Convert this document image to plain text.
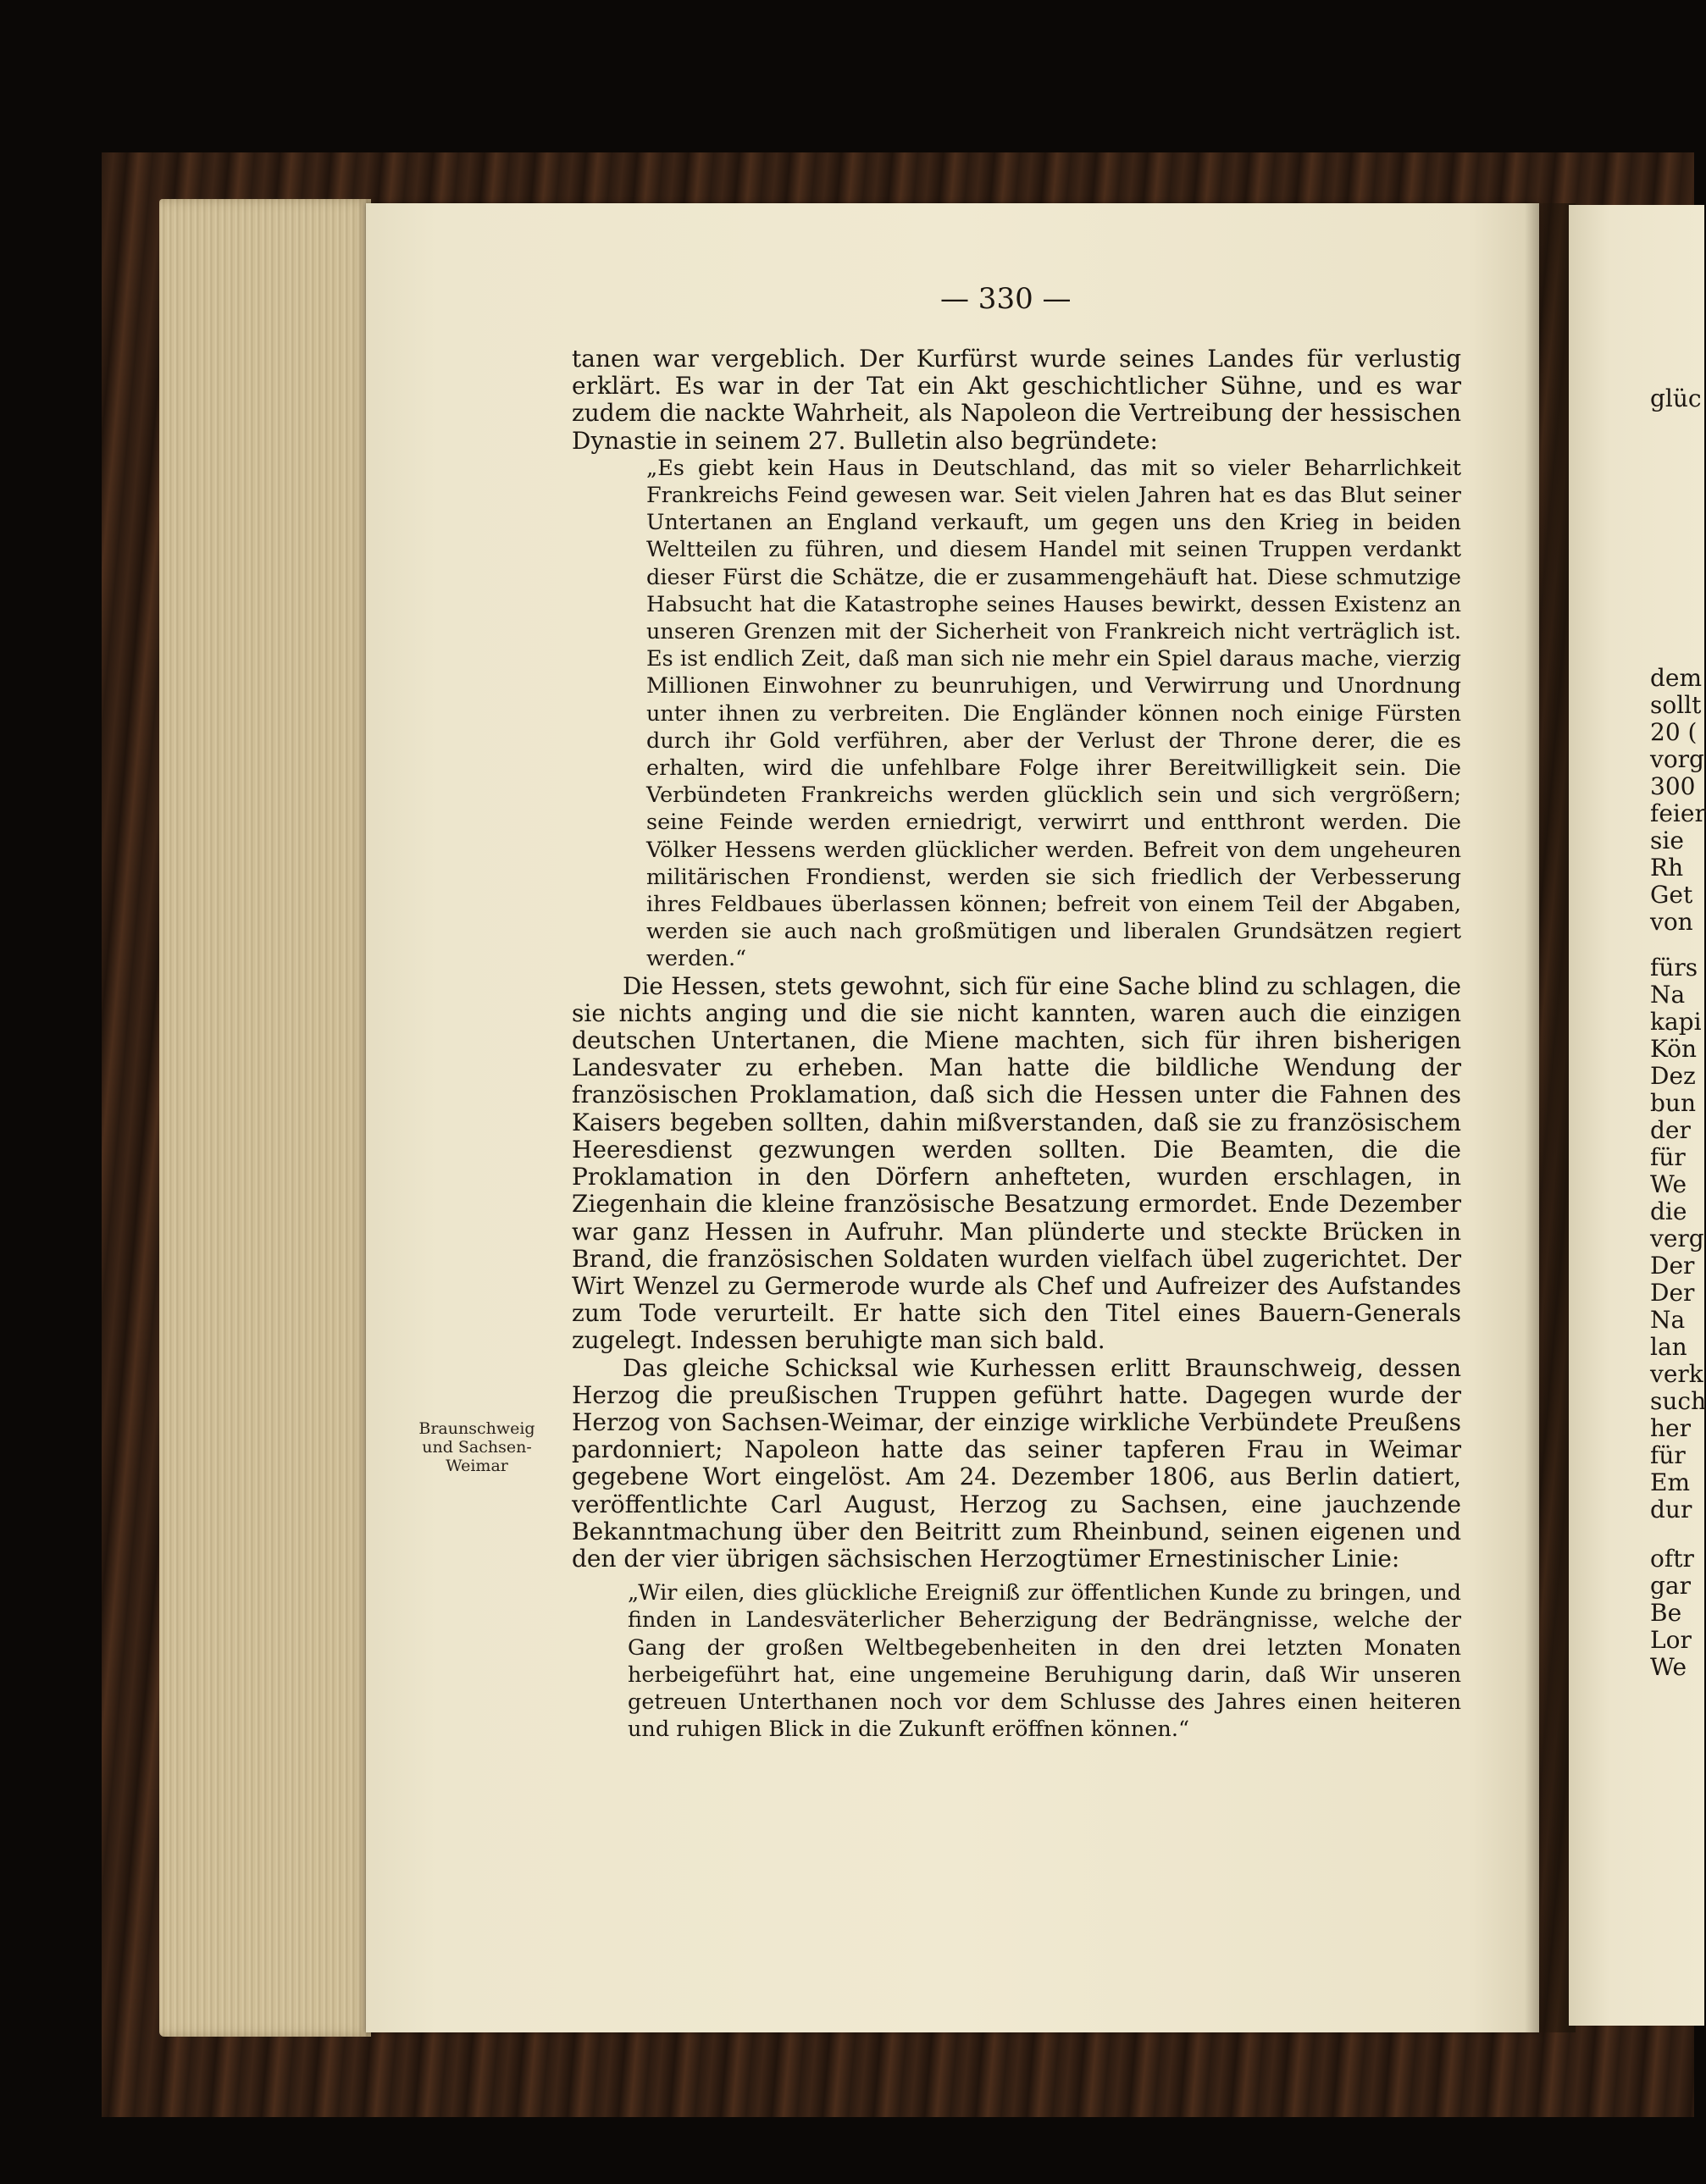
— 330 —
Braunschweig und Sachsen-Weimar

tanen war vergeblich. Der Kurfürst wurde seines Landes für verlustig erklärt. Es war in der Tat ein Akt geschichtlicher Sühne, und es war zudem die nackte Wahrheit, als Napoleon die Vertreibung der hessischen Dynastie in seinem 27. Bulletin also begründete:

„Es giebt kein Haus in Deutschland, das mit so vieler Beharrlichkeit Frankreichs Feind gewesen war. Seit vielen Jahren hat es das Blut seiner Untertanen an England verkauft, um gegen uns den Krieg in beiden Weltteilen zu führen, und diesem Handel mit seinen Truppen verdankt dieser Fürst die Schätze, die er zusammengehäuft hat. Diese schmutzige Habsucht hat die Katastrophe seines Hauses bewirkt, dessen Existenz an unseren Grenzen mit der Sicherheit von Frankreich nicht verträglich ist. Es ist endlich Zeit, daß man sich nie mehr ein Spiel daraus mache, vierzig Millionen Einwohner zu beunruhigen, und Verwirrung und Unordnung unter ihnen zu verbreiten. Die Engländer können noch einige Fürsten durch ihr Gold verführen, aber der Verlust der Throne derer, die es erhalten, wird die unfehlbare Folge ihrer Bereitwilligkeit sein. Die Verbündeten Frankreichs werden glücklich sein und sich vergrößern; seine Feinde werden erniedrigt, verwirrt und entthront werden. Die Völker Hessens werden glücklicher werden. Befreit von dem ungeheuren militärischen Frondienst, werden sie sich friedlich der Verbesserung ihres Feldbaues überlassen können; befreit von einem Teil der Abgaben, werden sie auch nach großmütigen und liberalen Grundsätzen regiert werden.“

Die Hessen, stets gewohnt, sich für eine Sache blind zu schlagen, die sie nichts anging und die sie nicht kannten, waren auch die einzigen deutschen Untertanen, die Miene machten, sich für ihren bisherigen Landesvater zu erheben. Man hatte die bildliche Wendung der französischen Proklamation, daß sich die Hessen unter die Fahnen des Kaisers begeben sollten, dahin mißverstanden, daß sie zu französischem Heeresdienst gezwungen werden sollten. Die Beamten, die die Proklamation in den Dörfern anhefteten, wurden erschlagen, in Ziegenhain die kleine französische Besatzung ermordet. Ende Dezember war ganz Hessen in Aufruhr. Man plünderte und steckte Brücken in Brand, die französischen Soldaten wurden vielfach übel zugerichtet. Der Wirt Wenzel zu Germerode wurde als Chef und Aufreizer des Aufstandes zum Tode verurteilt. Er hatte sich den Titel eines Bauern-Generals zugelegt. Indessen beruhigte man sich bald.

Das gleiche Schicksal wie Kurhessen erlitt Braunschweig, dessen Herzog die preußischen Truppen geführt hatte. Dagegen wurde der Herzog von Sachsen-Weimar, der einzige wirkliche Verbündete Preußens pardonniert; Napoleon hatte das seiner tapferen Frau in Weimar gegebene Wort eingelöst. Am 24. Dezember 1806, aus Berlin datiert, veröffentlichte Carl August, Herzog zu Sachsen, eine jauchzende Bekanntmachung über den Beitritt zum Rheinbund, seinen eigenen und den der vier übrigen sächsischen Herzogtümer Ernestinischer Linie:

„Wir eilen, dies glückliche Ereigniß zur öffentlichen Kunde zu bringen, und finden in Landesväterlicher Beherzigung der Bedrängnisse, welche der Gang der großen Weltbegebenheiten in den drei letzten Monaten herbeigeführt hat, eine ungemeine Beruhigung darin, daß Wir unseren getreuen Unterthanen noch vor dem Schlusse des Jahres einen heiteren und ruhigen Blick in die Zukunft eröffnen können.“
glüc
dem
sollt
20 (
vorg
300
feier
sie
Rh
Get
von
fürs
Na
kapi
Kön
Dez
bun
der
für
We
die
verg
Der
Der
Na
lan
verk
such
her
für
Em
dur
oftr
gar
Be
Lor
We
